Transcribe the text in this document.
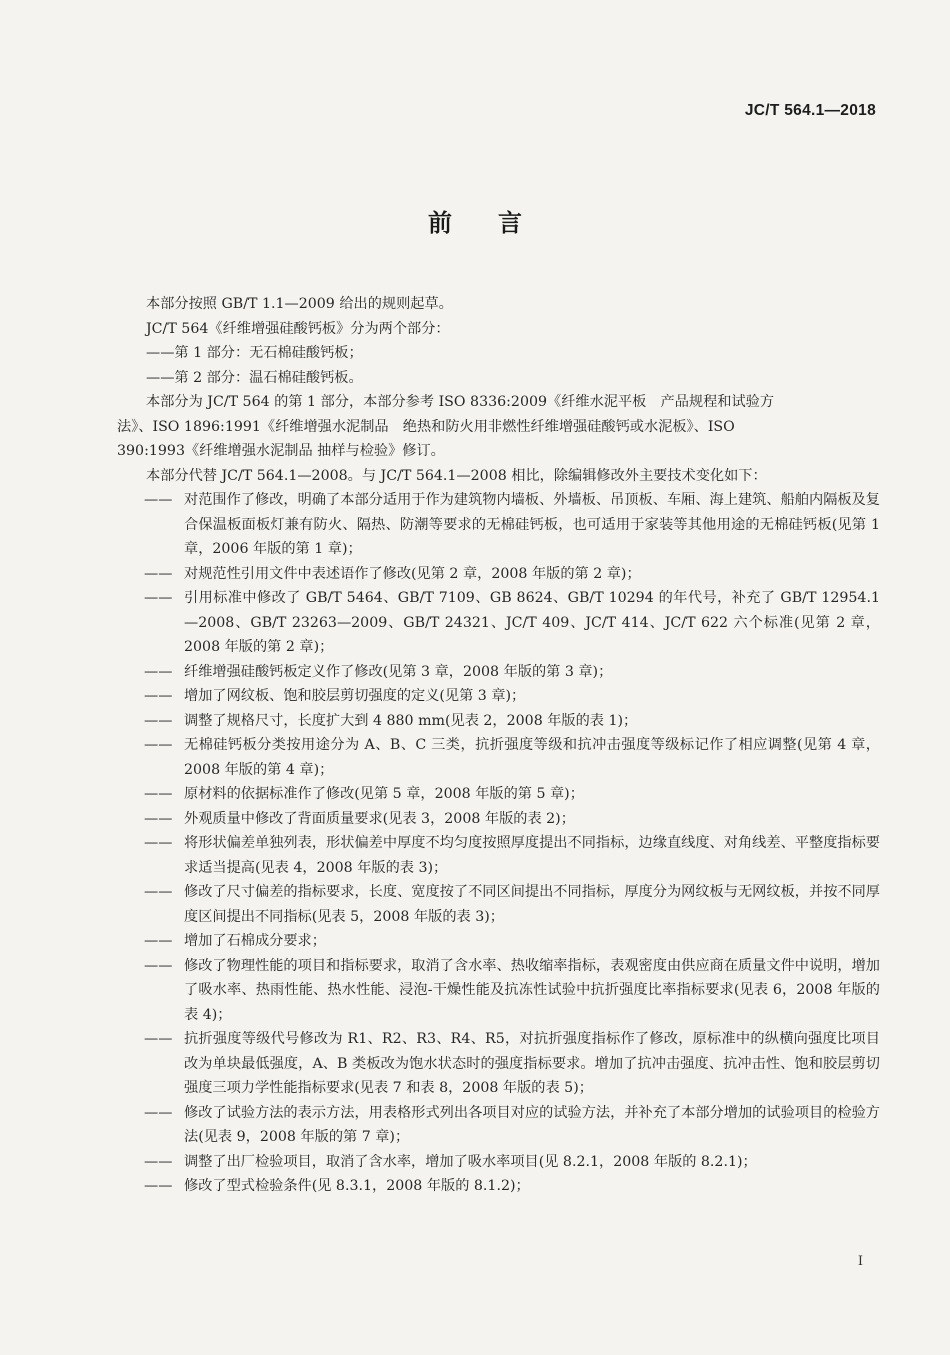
JC/T 564.1—2018
前 言

本部分按照 GB/T 1.1—2009 给出的规则起草。

JC/T 564《纤维增强硅酸钙板》分为两个部分：

——第 1 部分：无石棉硅酸钙板；

——第 2 部分：温石棉硅酸钙板。

本部分为 JC/T 564 的第 1 部分，本部分参考 ISO 8336:2009《纤维水泥平板　产品规程和试验方

法》、ISO 1896:1991《纤维增强水泥制品　绝热和防火用非燃性纤维增强硅酸钙或水泥板》、ISO

390:1993《纤维增强水泥制品 抽样与检验》修订。

本部分代替 JC/T 564.1—2008。与 JC/T 564.1—2008 相比，除编辑修改外主要技术变化如下：

—— 对范围作了修改，明确了本部分适用于作为建筑物内墙板、外墙板、吊顶板、车厢、海上建筑、船舶内隔板及复合保温板面板灯兼有防火、隔热、防潮等要求的无棉硅钙板，也可适用于家装等其他用途的无棉硅钙板(见第 1 章，2006 年版的第 1 章)；
—— 对规范性引用文件中表述语作了修改(见第 2 章，2008 年版的第 2 章)；
—— 引用标准中修改了 GB/T 5464、GB/T 7109、GB 8624、GB/T 10294 的年代号，补充了 GB/T 12954.1—2008、GB/T 23263—2009、GB/T 24321、JC/T 409、JC/T 414、JC/T 622 六个标准(见第 2 章，2008 年版的第 2 章)；
—— 纤维增强硅酸钙板定义作了修改(见第 3 章，2008 年版的第 3 章)；
—— 增加了网纹板、饱和胶层剪切强度的定义(见第 3 章)；
—— 调整了规格尺寸，长度扩大到 4 880 mm(见表 2，2008 年版的表 1)；
—— 无棉硅钙板分类按用途分为 A、B、C 三类，抗折强度等级和抗冲击强度等级标记作了相应调整(见第 4 章，2008 年版的第 4 章)；
—— 原材料的依据标准作了修改(见第 5 章，2008 年版的第 5 章)；
—— 外观质量中修改了背面质量要求(见表 3，2008 年版的表 2)；
—— 将形状偏差单独列表，形状偏差中厚度不均匀度按照厚度提出不同指标，边缘直线度、对角线差、平整度指标要求适当提高(见表 4，2008 年版的表 3)；
—— 修改了尺寸偏差的指标要求，长度、宽度按了不同区间提出不同指标，厚度分为网纹板与无网纹板，并按不同厚度区间提出不同指标(见表 5，2008 年版的表 3)；
—— 增加了石棉成分要求；
—— 修改了物理性能的项目和指标要求，取消了含水率、热收缩率指标，表观密度由供应商在质量文件中说明，增加了吸水率、热雨性能、热水性能、浸泡-干燥性能及抗冻性试验中抗折强度比率指标要求(见表 6，2008 年版的表 4)；
—— 抗折强度等级代号修改为 R1、R2、R3、R4、R5，对抗折强度指标作了修改，原标准中的纵横向强度比项目改为单块最低强度，A、B 类板改为饱水状态时的强度指标要求。增加了抗冲击强度、抗冲击性、饱和胶层剪切强度三项力学性能指标要求(见表 7 和表 8，2008 年版的表 5)；
—— 修改了试验方法的表示方法，用表格形式列出各项目对应的试验方法，并补充了本部分增加的试验项目的检验方法(见表 9，2008 年版的第 7 章)；
—— 调整了出厂检验项目，取消了含水率，增加了吸水率项目(见 8.2.1，2008 年版的 8.2.1)；
—— 修改了型式检验条件(见 8.3.1，2008 年版的 8.1.2)；
I
